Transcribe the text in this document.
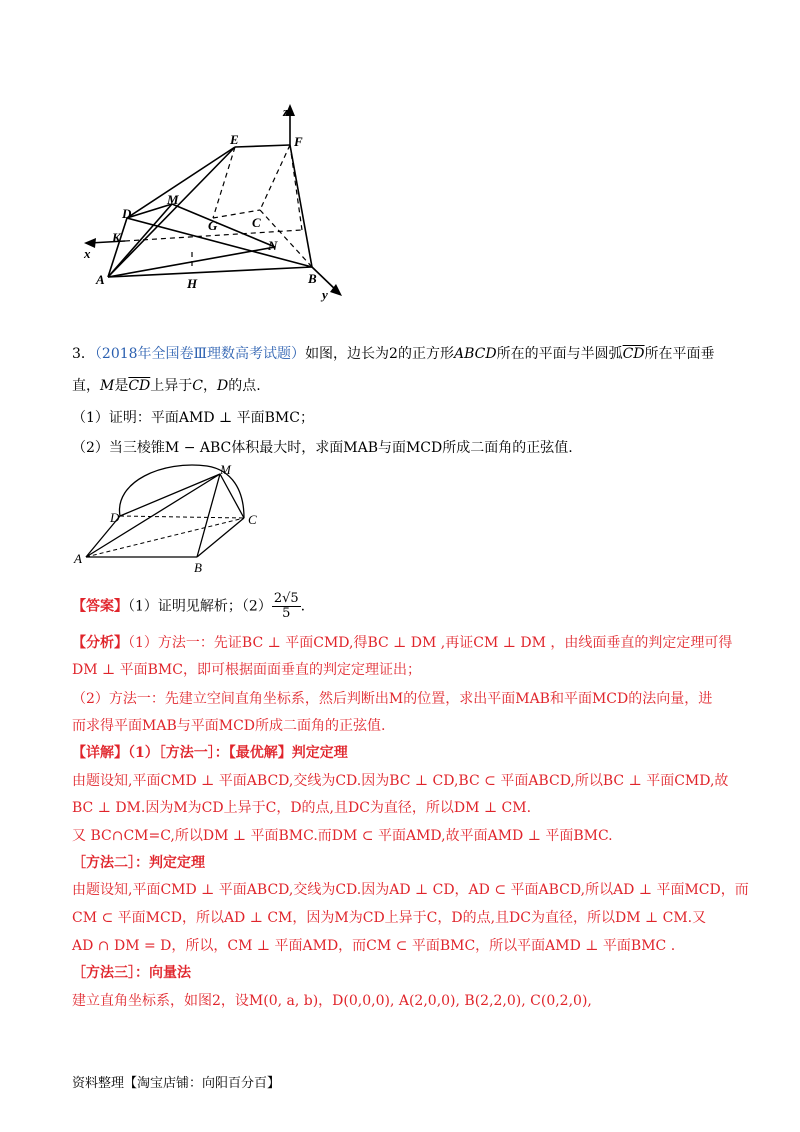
z
E	F
D
M
G	C
x
K
N
A	H	B
y
3．（2018年全国卷Ⅲ理数高考试题）如图，边长为2的正方形ABCD所在的平面与半圆弧$\overline{CD}$所在平面垂
直，M是$\overline{CD}$上异于C，D的点.
（1）证明：平面AMD ⊥ 平面BMC；
（2）当三棱锥M − ABC体积最大时，求面MAB与面MCD所成二面角的正弦值.
M
D	C
A
B
【答案】（1）证明见解析；$(2) \frac{2√5}{5}$ .
【分析】（1）方法一：先证BC ⊥ 平面CMD,得BC ⊥ DM ,再证CM ⊥ DM ，由线面垂直的判定定理可得
DM ⊥ 平面BMC，即可根据面面垂直的判定定理证出；
（2）方法一：先建立空间直角坐标系，然后判断出M的位置，求出平面MAB和平面MCD的法向量，进
而求得平面MAB与平面MCD所成二面角的正弦值.
【详解】（1）［方法一］：【最优解】判定定理
由题设知,平面CMD ⊥ 平面ABCD,交线为CD.因为BC ⊥ CD,BC ⊂ 平面ABCD,所以BC ⊥ 平面CMD,故
BC ⊥ DM.因为M为CD上异于C，D的点,且DC为直径，所以DM ⊥ CM.
又 BC∩CM=C,所以DM ⊥ 平面BMC.而DM ⊂ 平面AMD,故平面AMD ⊥ 平面BMC.
［方法二］：判定定理
由题设知,平面CMD ⊥ 平面ABCD,交线为CD.因为AD ⊥ CD，AD ⊂ 平面ABCD,所以AD ⊥ 平面MCD，而
CM ⊂ 平面MCD，所以AD ⊥ CM，因为M为CD上异于C，D的点,且DC为直径，所以DM ⊥ CM.又
AD ∩ DM = D，所以，CM ⊥ 平面AMD，而CM ⊂ 平面BMC，所以平面AMD ⊥ 平面BMC .
［方法三］：向量法
建立直角坐标系，如图2，设M(0, a, b)，D(0,0,0), A(2,0,0), B(2,2,0), C(0,2,0),
资料整理【淘宝店铺：向阳百分百】
